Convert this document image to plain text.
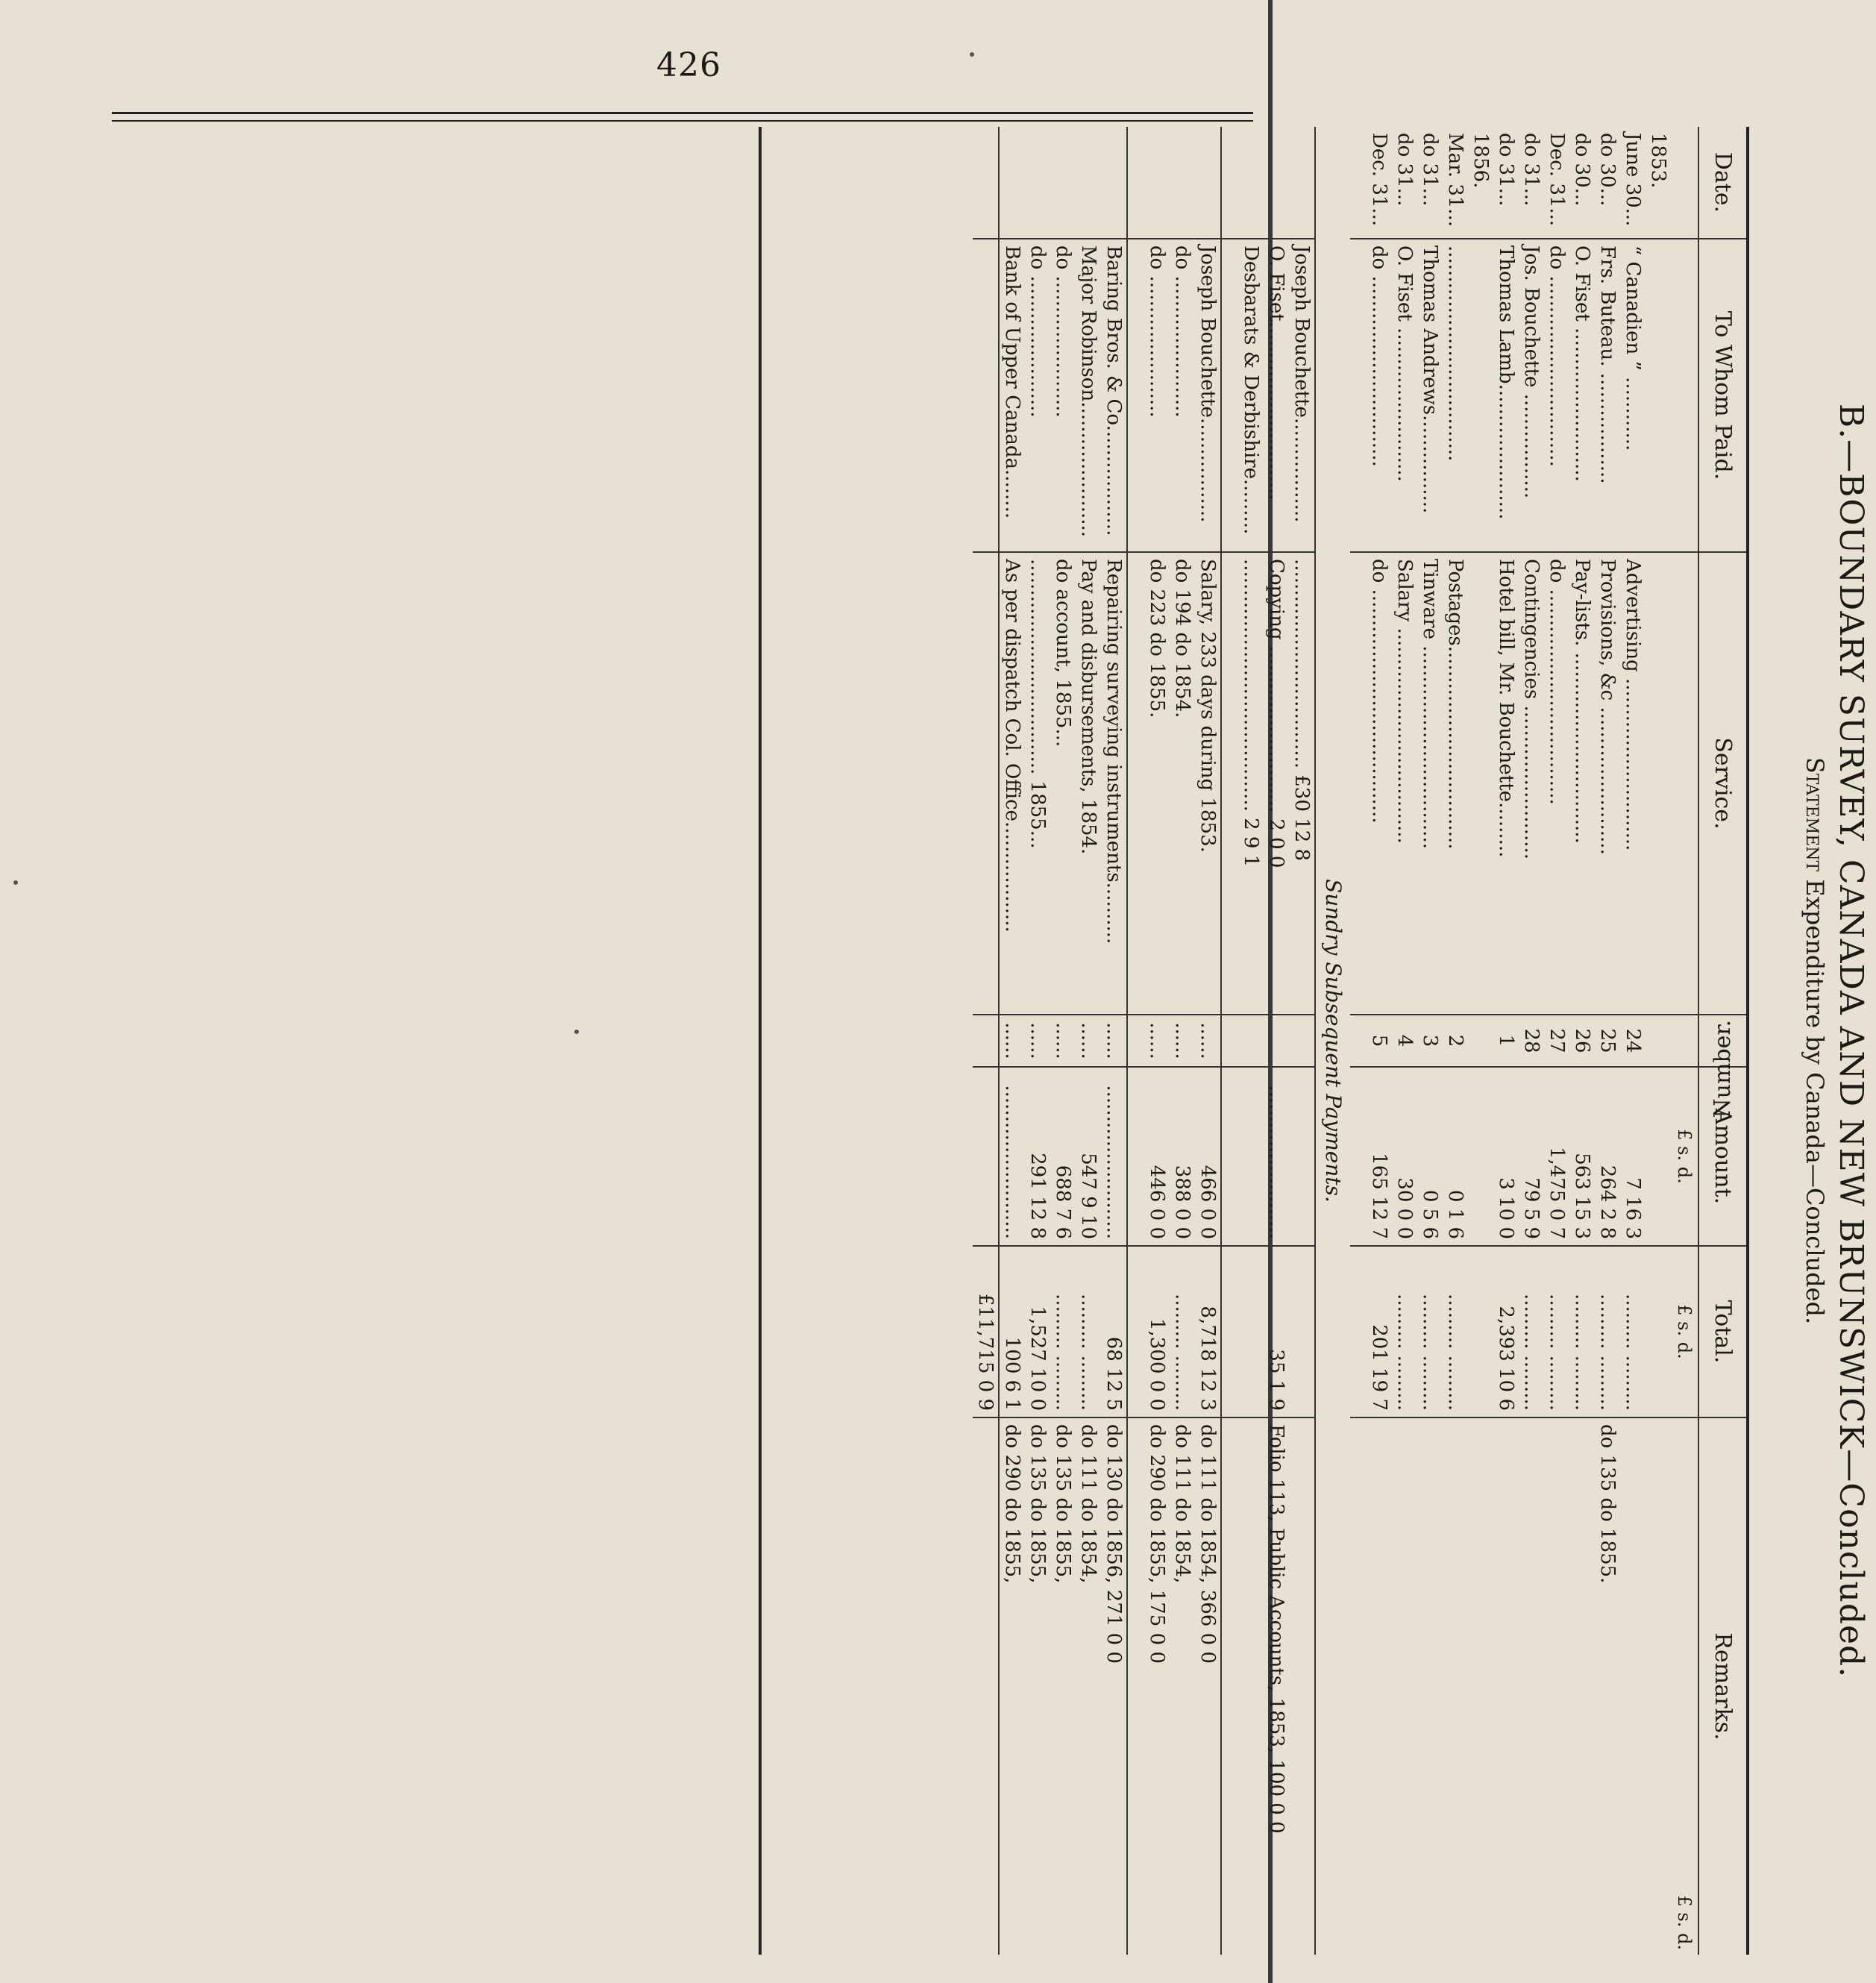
426
B.—BOUNDARY SURVEY, CANADA AND NEW BRUNSWICK—Concluded.
Statement Expenditure by Canada—Concluded.
Date.	To Whom Paid.	Service.	Number.	Amount.	Total.	Remarks.
				£ s. d.	£ s. d.	£ s. d.
1853.						
June 30...	“ Canadien ” ............	Advertising ............................	24	7 16 3	......... .........	
do 30...	Frs. Buteau. ..................	Provisions, &c ........................	25	264 2 8	......... .........	do 135 do 1855.
do 30...	O. Fiset .........................	Pay-lists. ...............................	26	563 15 3	......... .........	
Dec. 31...	do ...............................	do ...................................	27	1,475 0 7	......... .........	
do 31...	Jos. Bouchette .................	Contingencies .........................	28	79 5 9	......... .........	
do 31...	Thomas Lamb......................	Hotel bill, Mr. Bouchette.........	1	3 10 0	2,393 10 6	
1856.						
Mar. 31...	...................................	Postages.................................	2	0 1 6	......... .........	
do 31...	Thomas Andrews................	Tinware .................................	3	0 5 6	......... .........	
do 31...	O. Fiset .........................	Salary ...................................	4	30 0 0	......... .........	
Dec. 31...	do ...............................	do ......................................	5	165 12 7	201 19 7	

Sundry Subsequent Payments.						
	Joseph Bouchette.................	.................................. £30 12 8				
	O. Fiset.............................	Copying ........................... 2 0 0		.........................	35 1 9	Folio 113, Public Accounts, 1853, 100 0 0
	Desbarats & Derbishire.........	......................................... 2 9 1				

	Joseph Bouchette.................	Salary, 233 days during 1853.	......	466 0 0	8,718 12 3	do 111 do 1854, 366 0 0
	do .......................	do 194 do 1854.	......	388 0 0	......... .........	do 111 do 1854,
	do .......................	do 223 do 1855.	......	446 0 0	1,300 0 0	do 290 do 1855, 175 0 0

	Baring Bros. & Co..................	Repairing surveying instruments..........	......	.........................	68 12 5	do 130 do 1856, 271 0 0
	Major Robinson......................	Pay and disbursements, 1854.	......	547 9 10	......... .........	do 111 do 1854,
	do .......................	do account, 1855...	......	688 7 6	......... .........	do 135 do 1855,
	do .......................	................................... 1855...	......	291 12 8	1,527 10 0	do 135 do 1855,
	Bank of Upper Canada........	As per dispatch Col. Office..................	......	.........................	100 6 1	do 290 do 1855,
					£11,715 0 9	
